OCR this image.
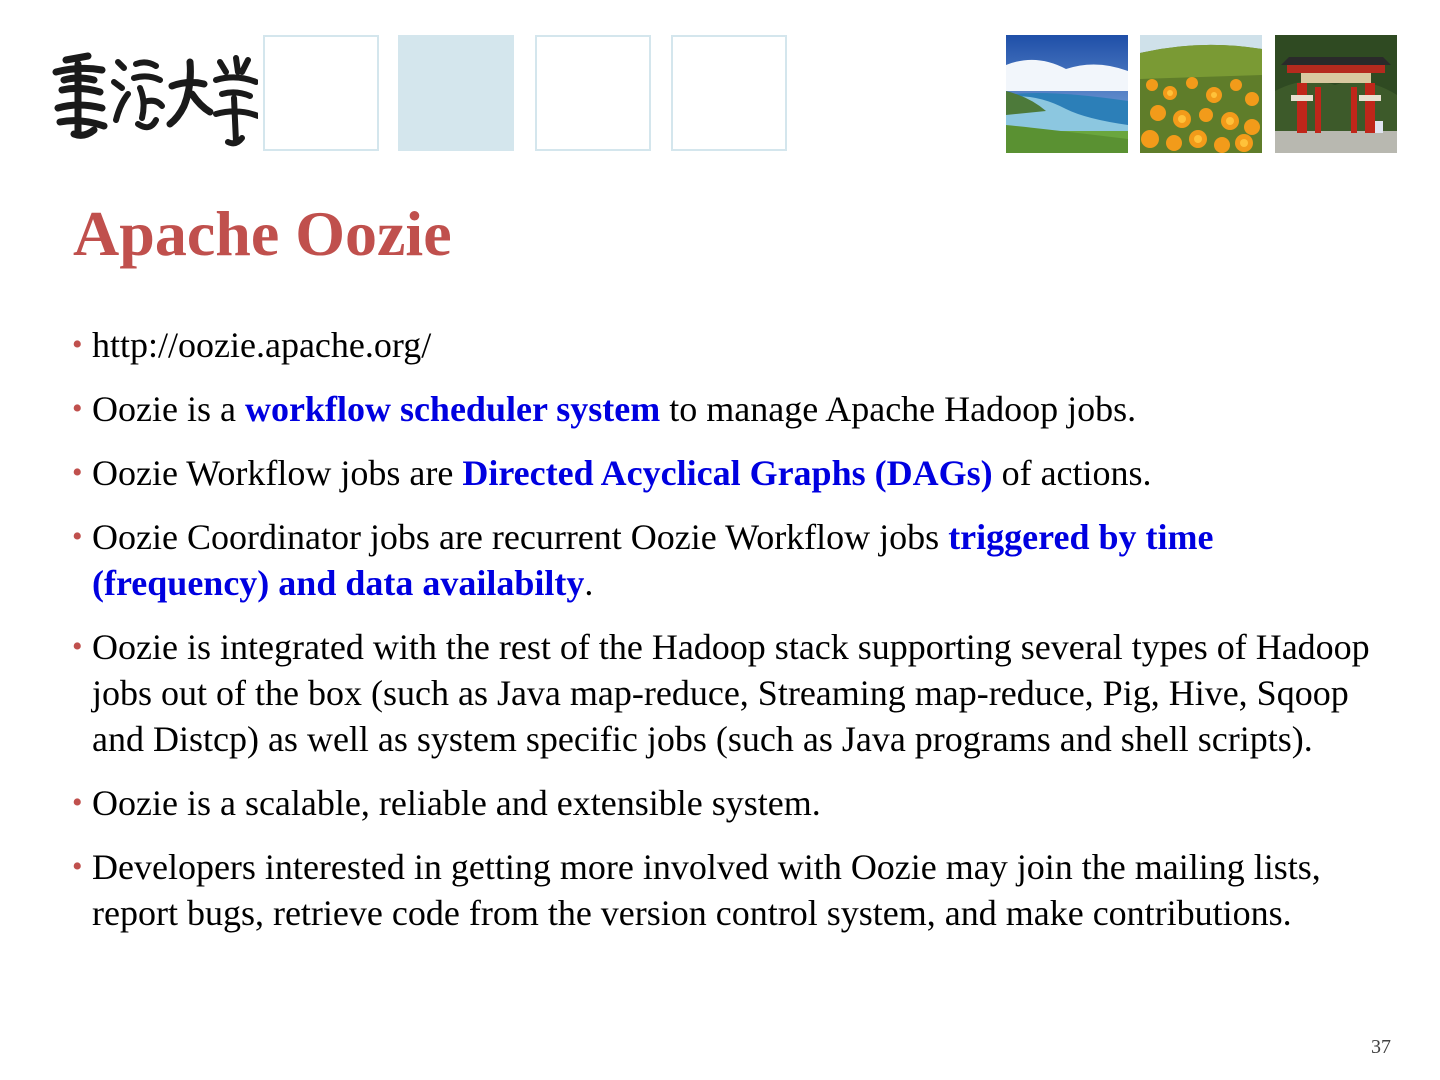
Apache Oozie
• http://oozie.apache.org/
• Oozie is a workflow scheduler system to manage Apache Hadoop jobs.
• Oozie Workflow jobs are Directed Acyclical Graphs (DAGs) of actions.
• Oozie Coordinator jobs are recurrent Oozie Workflow jobs triggered by time (frequency) and data availabilty.
• Oozie is integrated with the rest of the Hadoop stack supporting several types of Hadoop jobs out of the box (such as Java map-reduce, Streaming map-reduce, Pig, Hive, Sqoop and Distcp) as well as system specific jobs (such as Java programs and shell scripts).
• Oozie is a scalable, reliable and extensible system.
• Developers interested in getting more involved with Oozie may join the mailing lists, report bugs, retrieve code from the version control system, and make contributions.
37
